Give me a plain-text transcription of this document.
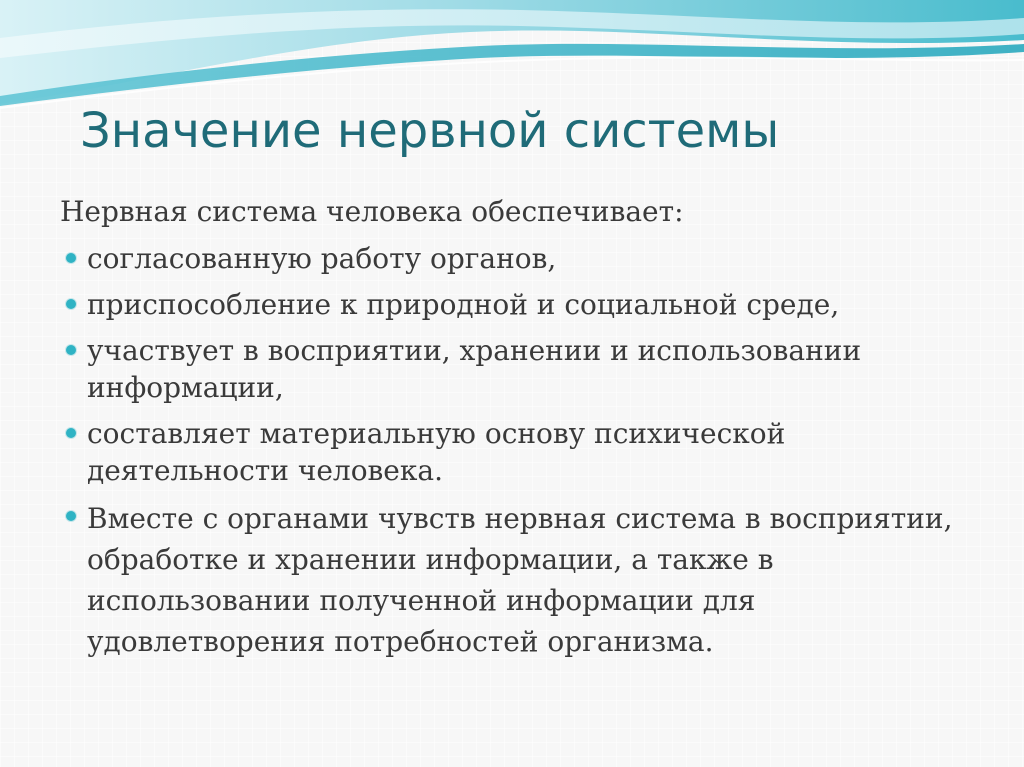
Значение нервной системы

Нервная система человека обеспечивает:

согласованную работу органов,
приспособление к природной и социальной среде,
участвует в восприятии, хранении и использовании информации,
составляет материальную основу психической деятельности человека.
Вместе с органами чувств нервная система в восприятии, обработке и хранении информации, а также в использовании полученной информации для удовлетворения потребностей организма.
